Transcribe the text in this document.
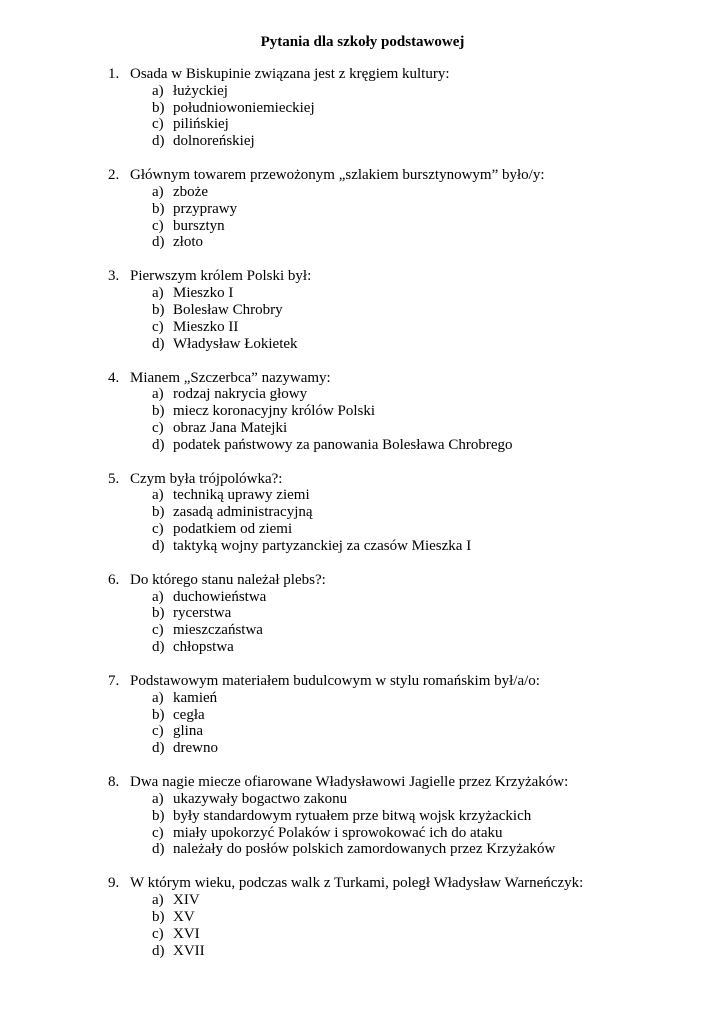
Pytania dla szkoły podstawowej
1. Osada w Biskupinie związana jest z kręgiem kultury:
a) łużyckiej
b) południowoniemieckiej
c) pilińskiej
d) dolnoreńskiej
2. Głównym towarem przewożonym „szlakiem bursztynowym” było/y:
a) zboże
b) przyprawy
c) bursztyn
d) złoto
3. Pierwszym królem Polski był:
a) Mieszko I
b) Bolesław Chrobry
c) Mieszko II
d) Władysław Łokietek
4. Mianem „Szczerbca” nazywamy:
a) rodzaj nakrycia głowy
b) miecz koronacyjny królów Polski
c) obraz Jana Matejki
d) podatek państwowy za panowania Bolesława Chrobrego
5. Czym była trójpolówka?:
a) techniką uprawy ziemi
b) zasadą administracyjną
c) podatkiem od ziemi
d) taktyką wojny partyzanckiej za czasów Mieszka I
6. Do którego stanu należał plebs?:
a) duchowieństwa
b) rycerstwa
c) mieszczaństwa
d) chłopstwa
7. Podstawowym materiałem budulcowym w stylu romańskim był/a/o:
a) kamień
b) cegła
c) glina
d) drewno
8. Dwa nagie miecze ofiarowane Władysławowi Jagielle przez Krzyżaków:
a) ukazywały bogactwo zakonu
b) były standardowym rytuałem prze bitwą wojsk krzyżackich
c) miały upokorzyć Polaków i sprowokować ich do ataku
d) należały do posłów polskich zamordowanych przez Krzyżaków
9. W którym wieku, podczas walk z Turkami, poległ Władysław Warneńczyk:
a) XIV
b) XV
c) XVI
d) XVII
